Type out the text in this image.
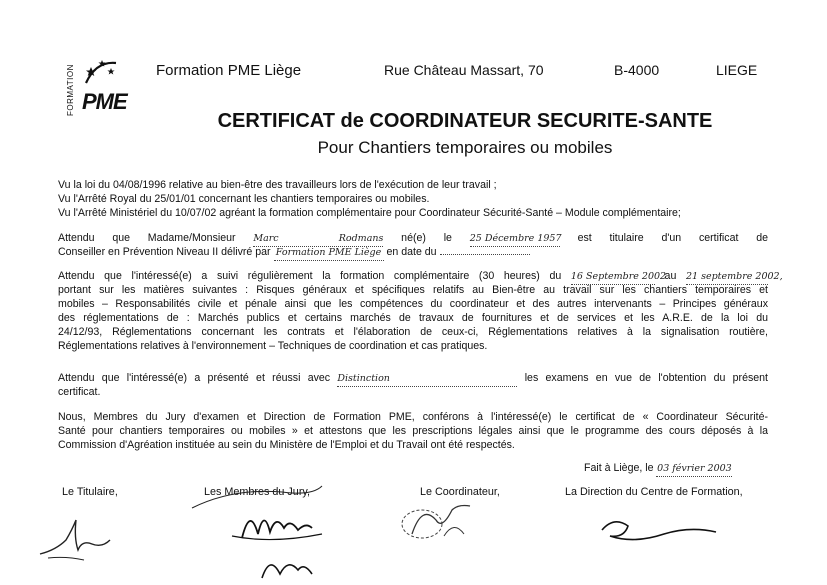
FORMATION PME
Formation PME Liège	Rue Château Massart, 70	B-4000	LIEGE
CERTIFICAT de COORDINATEUR SECURITE-SANTE
Pour Chantiers temporaires ou mobiles
Vu la loi du 04/08/1996 relative au bien-être des travailleurs lors de l'exécution de leur travail ;
Vu l'Arrêté Royal du 25/01/01 concernant les chantiers temporaires ou mobiles.
Vu l'Arrêté Ministériel du 10/07/02 agréant la formation complémentaire pour Coordinateur Sécurité-Santé – Module complémentaire;
Attendu que Madame/Monsieur Marc Rodmans né(e) le 25 Décembre 1957 est titulaire d'un certificat de
Conseiller en Prévention Niveau II délivré par Formation PME Liège en date du
Attendu que l'intéressé(e) a suivi régulièrement la formation complémentaire (30 heures) du 16 Septembre 2002 au 21 septembre 2002,
portant sur les matières suivantes : Risques généraux et spécifiques relatifs au Bien-être au travail sur les chantiers temporaires et
mobiles – Responsabilités civile et pénale ainsi que les compétences du coordinateur et des autres intervenants – Principes généraux
des réglementations de : Marchés publics et certains marchés de travaux de fournitures et de services et les A.R.E. de la loi du
24/12/93, Réglementations concernant les contrats et l'élaboration de ceux-ci, Réglementations relatives à la signalisation routière,
Réglementations relatives à l'environnement – Techniques de coordination et cas pratiques.
Attendu que l'intéressé(e) a présenté et réussi avec Distinction	les examens en vue de l'obtention du présent
certificat.
Nous, Membres du Jury d'examen et Direction de Formation PME, conférons à l'intéressé(e) le certificat de « Coordinateur Sécurité-
Santé pour chantiers temporaires ou mobiles » et attestons que les prescriptions légales ainsi que le programme des cours déposés à la
Commission d'Agréation instituée au sein du Ministère de l'Emploi et du Travail ont été respectés.
Fait à Liège, le 03 février 2003
Le Titulaire,	Les Membres du Jury,	Le Coordinateur,	La Direction du Centre de Formation,
